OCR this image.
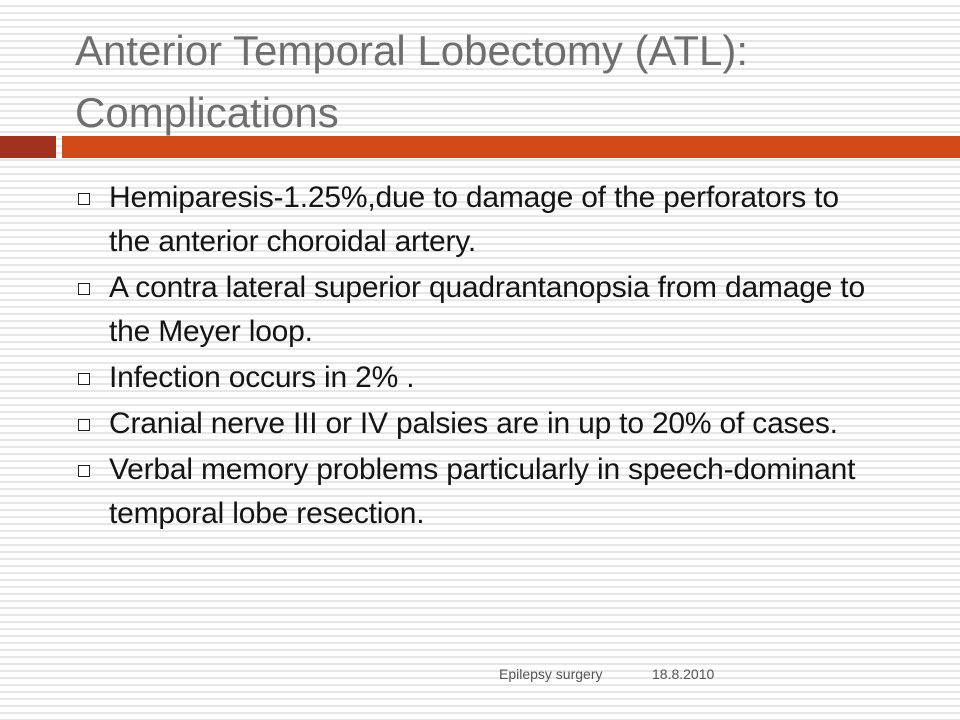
Anterior Temporal Lobectomy (ATL): Complications
Hemiparesis-1.25%,due to damage of the perforators to the anterior choroidal artery.
A contra lateral superior quadrantanopsia from damage to the Meyer loop.
Infection occurs in 2% .
Cranial nerve III or IV palsies are in up to 20% of cases.
Verbal memory problems particularly in speech-dominant temporal lobe resection.
Epilepsy surgery	18.8.2010
